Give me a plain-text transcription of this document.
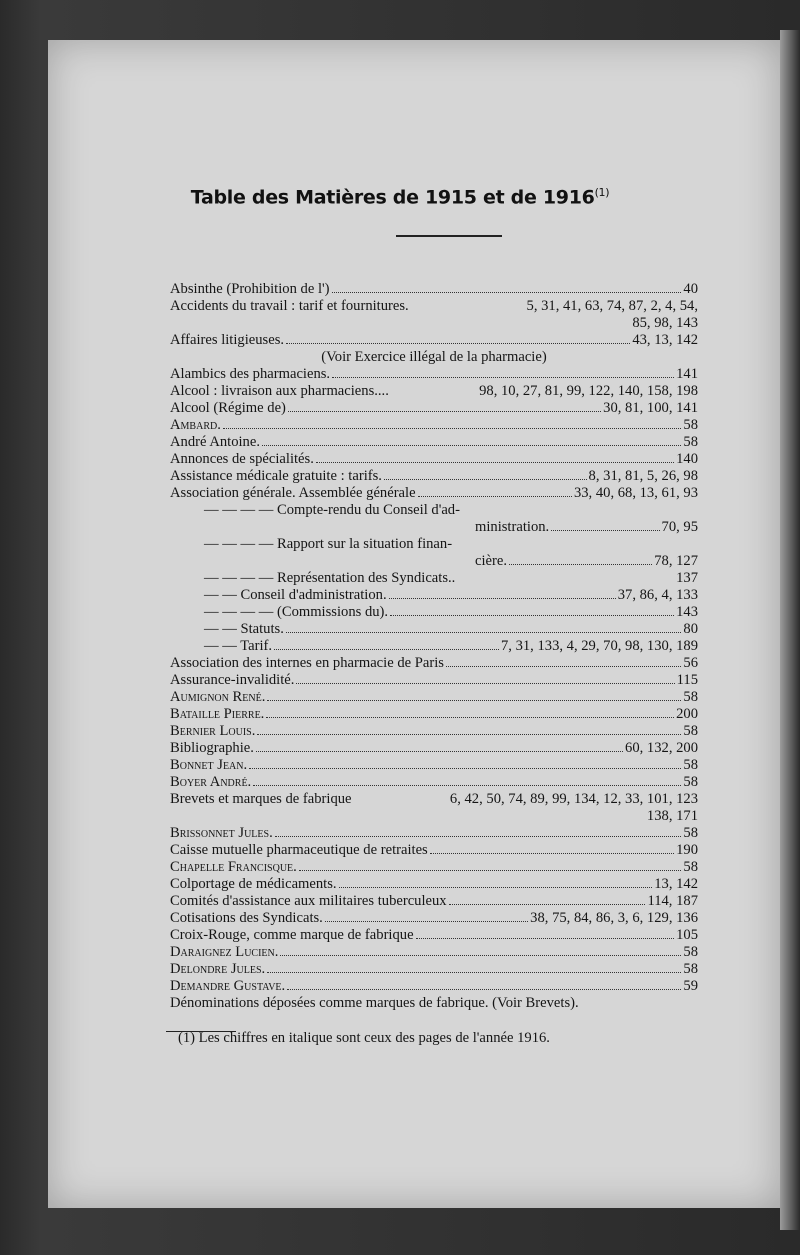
Table des Matières de 1915 et de 1916$^{(1)}$
Absinthe (Prohibition de l')	40
Accidents du travail : tarif et fournitures.	5, 31, 41, 63, 74, 87, 2, 4, 54,
85, 98, 143
Affaires litigieuses.	43, 13, 142
(Voir Exercice illégal de la pharmacie)
Alambics des pharmaciens.	141
Alcool : livraison aux pharmaciens....	98, 10, 27, 81, 99, 122, 140, 158, 198
Alcool (Régime de)	30, 81, 100, 141
Ambard.	58
André Antoine.	58
Annonces de spécialités.	140
Assistance médicale gratuite : tarifs.	8, 31, 81, 5, 26, 98
Association générale. Assemblée générale	33, 40, 68, 13, 61, 93
— — — — Compte-rendu du Conseil d'ad-
ministration.	70, 95
— — — — Rapport sur la situation finan-
cière.	78, 127
— — — — Représentation des Syndicats..	137
— — Conseil d'administration.	37, 86, 4, 133
— — — — (Commissions du).	143
— — Statuts.	80
— — Tarif.	7, 31, 133, 4, 29, 70, 98, 130, 189
Association des internes en pharmacie de Paris	56
Assurance-invalidité.	115
Aumignon René.	58
Bataille Pierre.	200
Bernier Louis.	58
Bibliographie.	60, 132, 200
Bonnet Jean.	58
Boyer André.	58
Brevets et marques de fabrique	6, 42, 50, 74, 89, 99, 134, 12, 33, 101, 123
138, 171
Brissonnet Jules.	58
Caisse mutuelle pharmaceutique de retraites	190
Chapelle Francisque.	58
Colportage de médicaments.	13, 142
Comités d'assistance aux militaires tuberculeux	114, 187
Cotisations des Syndicats.	38, 75, 84, 86, 3, 6, 129, 136
Croix-Rouge, comme marque de fabrique	105
Daraignez Lucien.	58
Delondre Jules.	58
Demandre Gustave.	59
Dénominations déposées comme marques de fabrique. (Voir Brevets).
(1) Les chiffres en italique sont ceux des pages de l'année 1916.
